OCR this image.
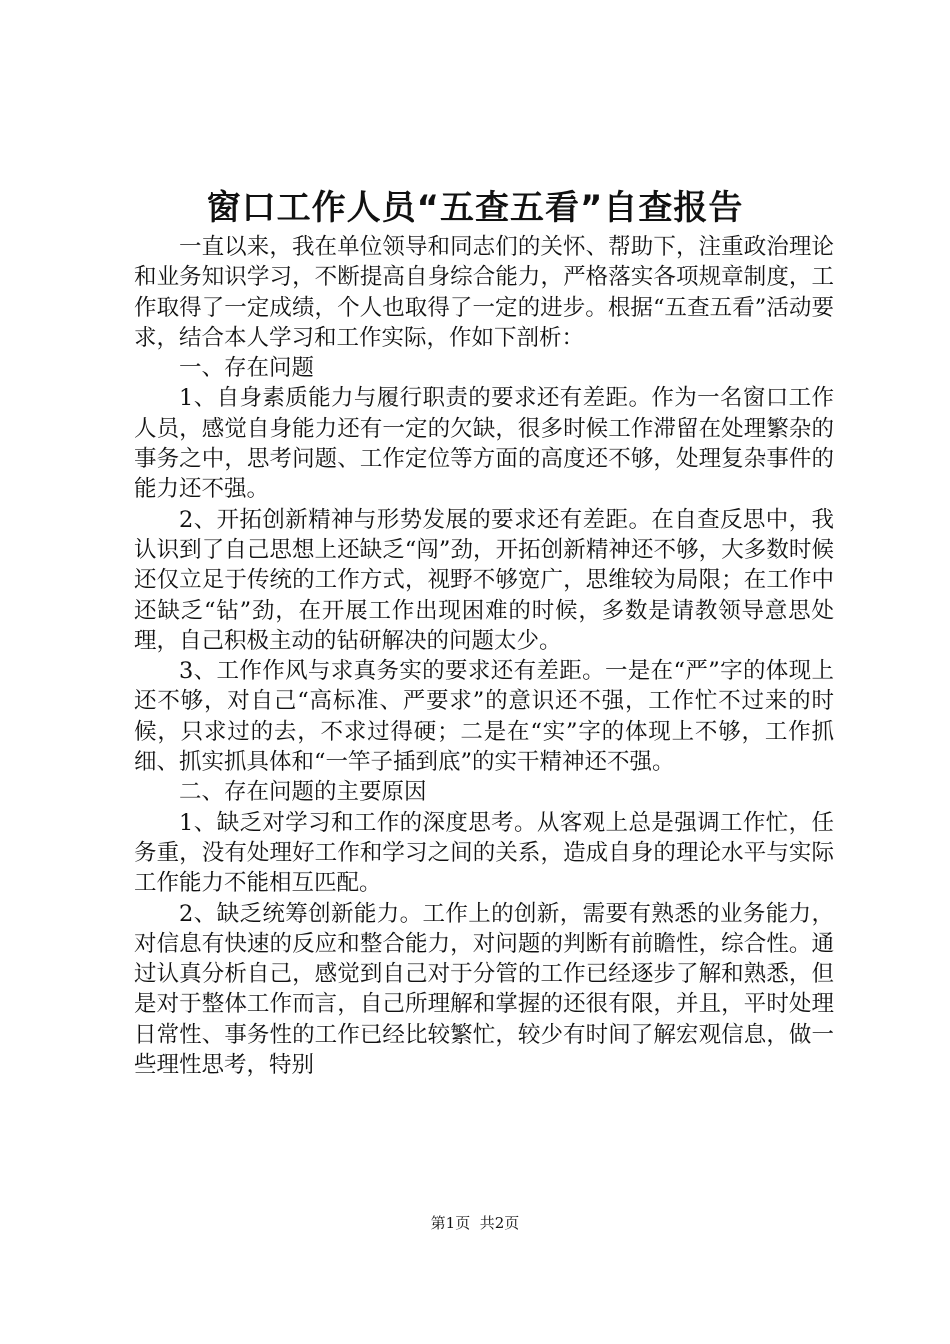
窗口工作人员“五查五看”自查报告

一直以来，我在单位领导和同志们的关怀、帮助下，注重政治理论和业务知识学习，不断提高自身综合能力，严格落实各项规章制度，工作取得了一定成绩，个人也取得了一定的进步。根据“五查五看”活动要求，结合本人学习和工作实际，作如下剖析：

一、存在问题

1、自身素质能力与履行职责的要求还有差距。作为一名窗口工作人员，感觉自身能力还有一定的欠缺，很多时候工作滞留在处理繁杂的事务之中，思考问题、工作定位等方面的高度还不够，处理复杂事件的能力还不强。

2、开拓创新精神与形势发展的要求还有差距。在自查反思中，我认识到了自己思想上还缺乏“闯”劲，开拓创新精神还不够，大多数时候还仅立足于传统的工作方式，视野不够宽广，思维较为局限；在工作中还缺乏“钻”劲，在开展工作出现困难的时候，多数是请教领导意思处理，自己积极主动的钻研解决的问题太少。

3、工作作风与求真务实的要求还有差距。一是在“严”字的体现上还不够，对自己“高标准、严要求”的意识还不强，工作忙不过来的时候，只求过的去，不求过得硬；二是在“实”字的体现上不够，工作抓细、抓实抓具体和“一竿子插到底”的实干精神还不强。

二、存在问题的主要原因

1、缺乏对学习和工作的深度思考。从客观上总是强调工作忙，任务重，没有处理好工作和学习之间的关系，造成自身的理论水平与实际工作能力不能相互匹配。

2、缺乏统筹创新能力。工作上的创新，需要有熟悉的业务能力，对信息有快速的反应和整合能力，对问题的判断有前瞻性，综合性。通过认真分析自己，感觉到自己对于分管的工作已经逐步了解和熟悉，但是对于整体工作而言，自己所理解和掌握的还很有限，并且，平时处理日常性、事务性的工作已经比较繁忙，较少有时间了解宏观信息，做一些理性思考，特别

第1页 共2页
